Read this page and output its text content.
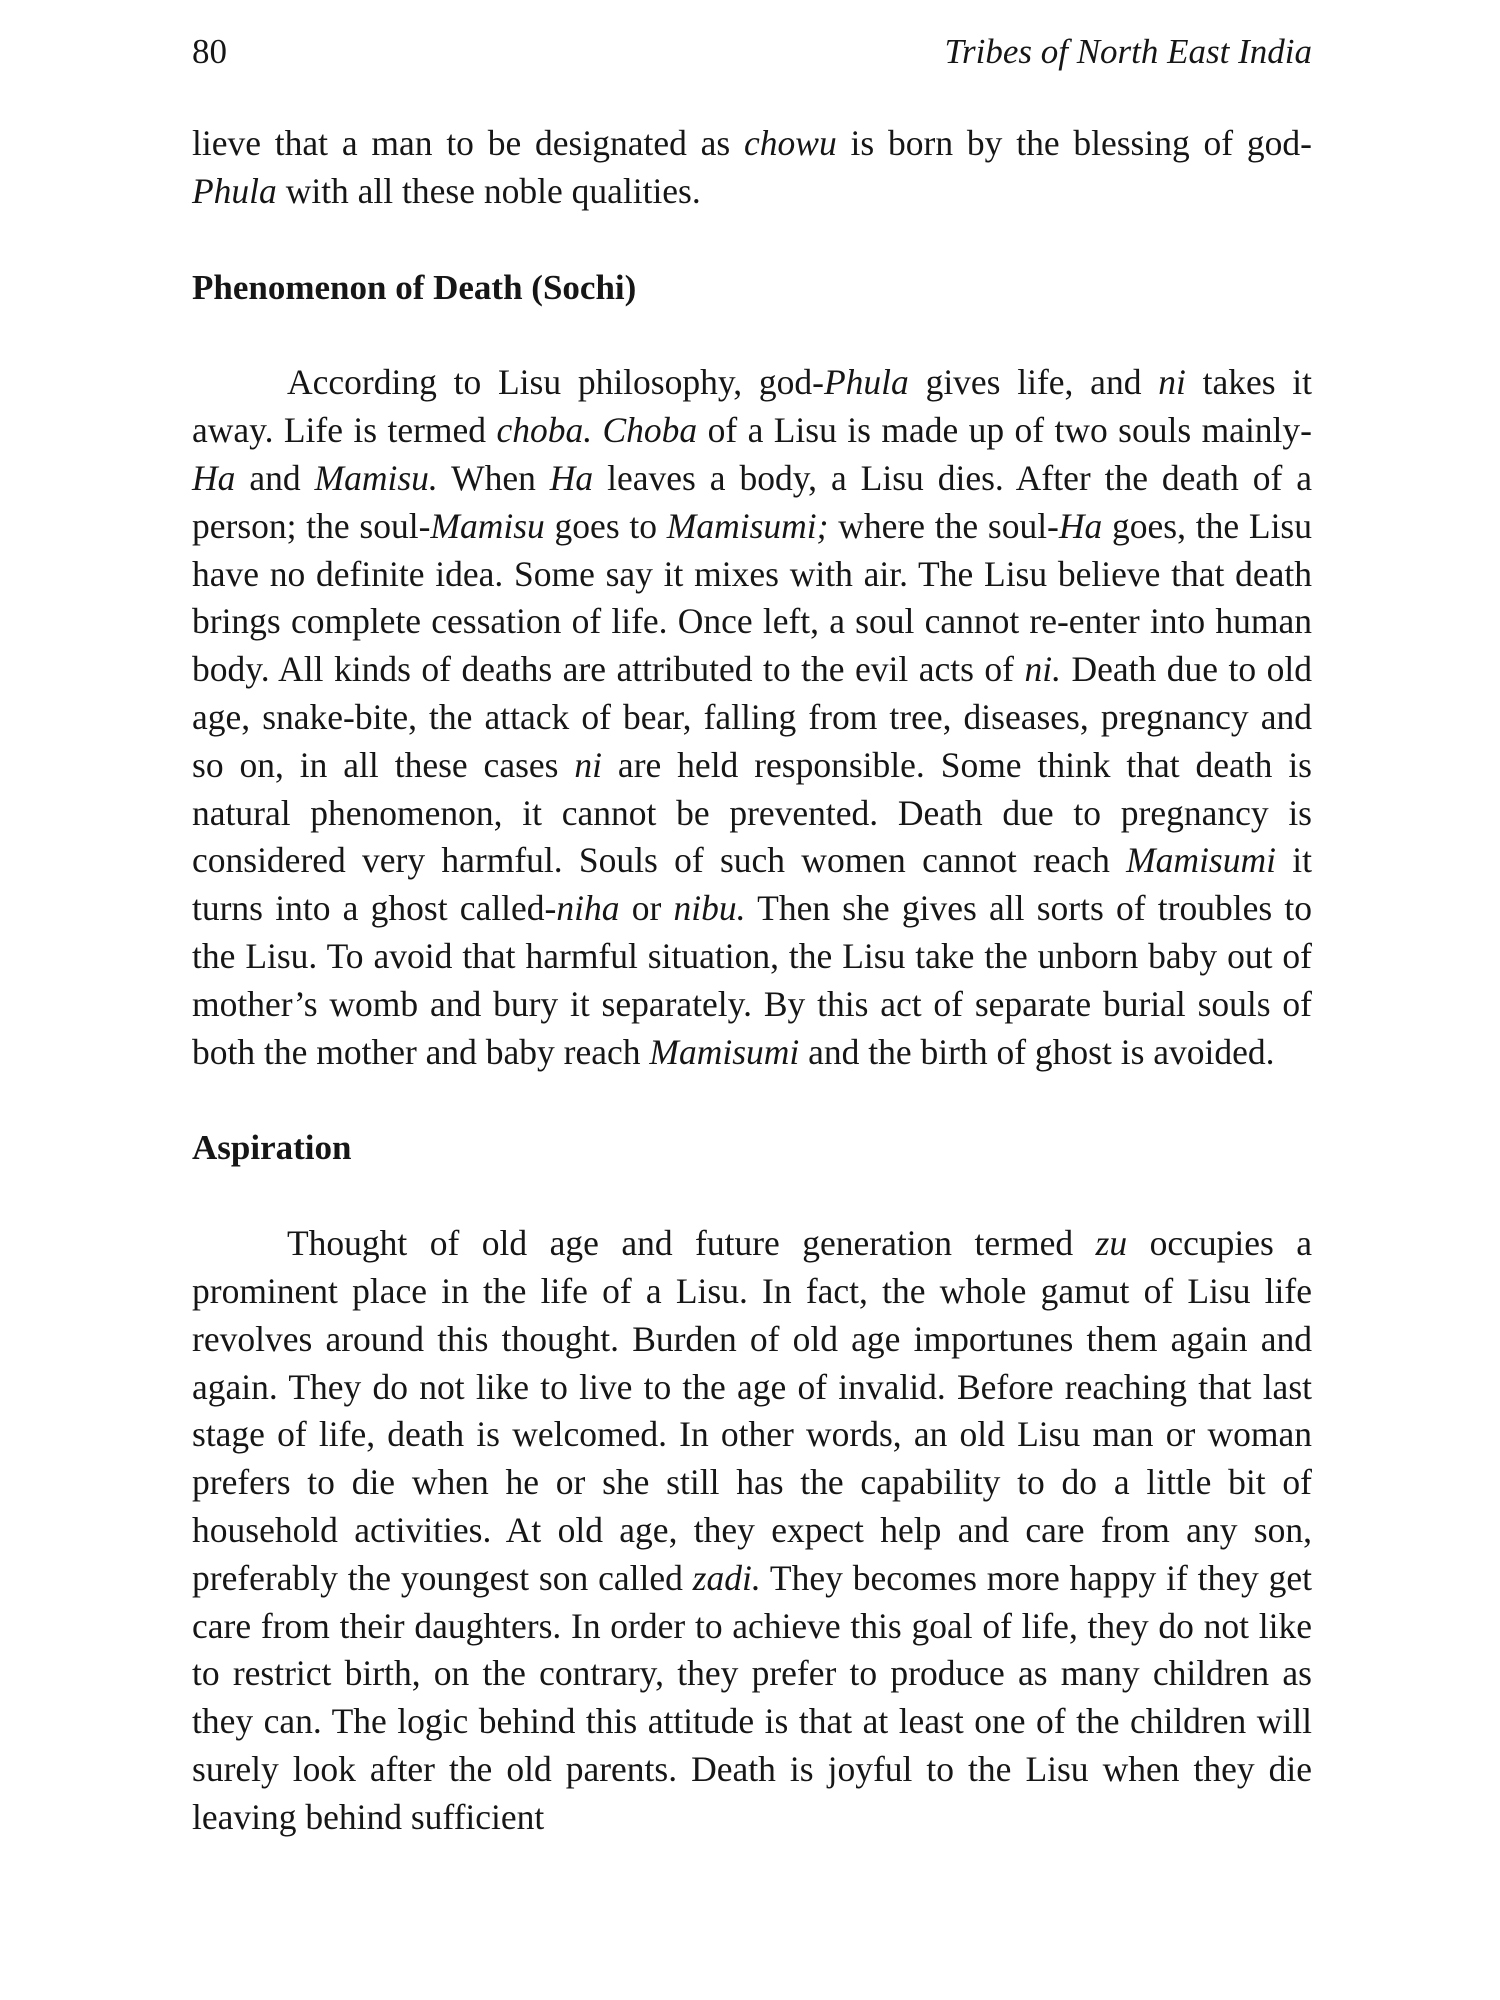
80	Tribes of North East India

lieve that a man to be designated as chowu is born by the blessing of god-Phula with all these noble qualities.

Phenomenon of Death (Sochi)

According to Lisu philosophy, god-Phula gives life, and ni takes it away. Life is termed choba. Choba of a Lisu is made up of two souls mainly-Ha and Mamisu. When Ha leaves a body, a Lisu dies. After the death of a person; the soul-Mamisu goes to Mamisumi; where the soul-Ha goes, the Lisu have no definite idea. Some say it mixes with air. The Lisu believe that death brings complete cessation of life. Once left, a soul cannot re-enter into human body. All kinds of deaths are attributed to the evil acts of ni. Death due to old age, snake-bite, the attack of bear, falling from tree, diseases, pregnancy and so on, in all these cases ni are held responsible. Some think that death is natural phenomenon, it cannot be prevented. Death due to pregnancy is considered very harmful. Souls of such women cannot reach Mamisumi it turns into a ghost called-niha or nibu. Then she gives all sorts of troubles to the Lisu. To avoid that harmful situation, the Lisu take the unborn baby out of mother’s womb and bury it separately. By this act of separate burial souls of both the mother and baby reach Mamisumi and the birth of ghost is avoided.

Aspiration

Thought of old age and future generation termed zu occupies a prominent place in the life of a Lisu. In fact, the whole gamut of Lisu life revolves around this thought. Burden of old age importunes them again and again. They do not like to live to the age of invalid. Before reaching that last stage of life, death is welcomed. In other words, an old Lisu man or woman prefers to die when he or she still has the capability to do a little bit of household activities. At old age, they expect help and care from any son, preferably the youngest son called zadi. They becomes more happy if they get care from their daughters. In order to achieve this goal of life, they do not like to restrict birth, on the contrary, they prefer to produce as many children as they can. The logic behind this attitude is that at least one of the children will surely look after the old parents. Death is joyful to the Lisu when they die leaving behind sufficient
